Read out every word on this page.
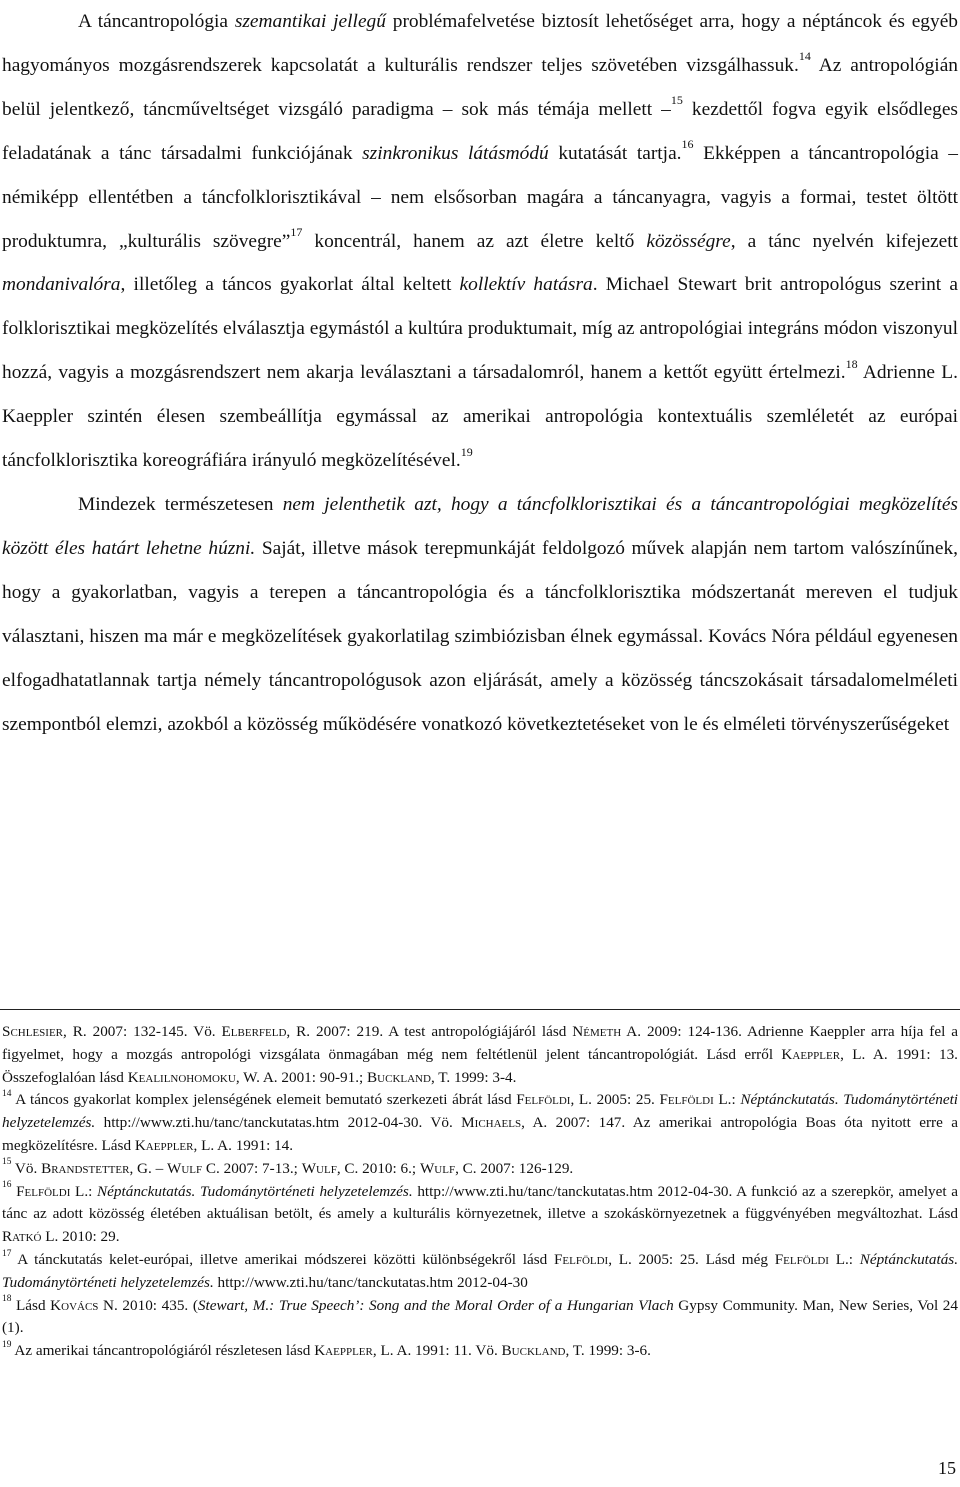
A táncantropológia szemantikai jellegű problémafelvetése biztosít lehetőséget arra, hogy a néptáncok és egyéb hagyományos mozgásrendszerek kapcsolatát a kulturális rendszer teljes szövetében vizsgálhassuk.$^{14}$ Az antropológián belül jelentkező, táncműveltséget vizsgáló paradigma – sok más témája mellett –$^{15}$ kezdettől fogva egyik elsődleges feladatának a tánc társadalmi funkciójának szinkronikus látásmódú kutatását tartja.$^{16}$ Ekképpen a táncantropológia – némiképp ellentétben a táncfolklorisztikával – nem elsősorban magára a táncanyagra, vagyis a formai, testet öltött produktumra, „kulturális szövegre”$^{17}$ koncentrál, hanem az azt életre keltő közösségre, a tánc nyelvén kifejezett mondanivalóra, illetőleg a táncos gyakorlat által keltett kollektív hatásra. Michael Stewart brit antropológus szerint a folklorisztikai megközelítés elválasztja egymástól a kultúra produktumait, míg az antropológiai integráns módon viszonyul hozzá, vagyis a mozgásrendszert nem akarja leválasztani a társadalomról, hanem a kettőt együtt értelmezi.$^{18}$ Adrienne L. Kaeppler szintén élesen szembeállítja egymással az amerikai antropológia kontextuális szemléletét az európai táncfolklorisztika koreográfiára irányuló megközelítésével.$^{19}$

Mindezek természetesen nem jelenthetik azt, hogy a táncfolklorisztikai és a táncantropológiai megközelítés között éles határt lehetne húzni. Saját, illetve mások terepmunkáját feldolgozó művek alapján nem tartom valószínűnek, hogy a gyakorlatban, vagyis a terepen a táncantropológia és a táncfolklorisztika módszertanát mereven el tudjuk választani, hiszen ma már e megközelítések gyakorlatilag szimbiózisban élnek egymással. Kovács Nóra például egyenesen elfogadhatatlannak tartja némely táncantropológusok azon eljárását, amely a közösség táncszokásait társadalomelméleti szempontból elemzi, azokból a közösség működésére vonatkozó következtetéseket von le és elméleti törvényszerűségeket

Schlesier, R. 2007: 132-145. Vö. Elberfeld, R. 2007: 219. A test antropológiájáról lásd Németh A. 2009: 124-136. Adrienne Kaeppler arra híja fel a figyelmet, hogy a mozgás antropológi vizsgálata önmagában még nem feltétlenül jelent táncantropológiát. Lásd erről Kaeppler, L. A. 1991: 13. Összefoglalóan lásd Kealilnohomoku, W. A. 2001: 90-91.; Buckland, T. 1999: 3-4.

$^{14}$ A táncos gyakorlat komplex jelenségének elemeit bemutató szerkezeti ábrát lásd Felföldi, L. 2005: 25. Felföldi L.: Néptánckutatás. Tudománytörténeti helyzetelemzés. http://www.zti.hu/tanc/tanckutatas.htm 2012-04-30. Vö. Michaels, A. 2007: 147. Az amerikai antropológia Boas óta nyitott erre a megközelítésre. Lásd Kaeppler, L. A. 1991: 14.

$^{15}$ Vö. Brandstetter, G. – Wulf C. 2007: 7-13.; Wulf, C. 2010: 6.; Wulf, C. 2007: 126-129.

$^{16}$ Felföldi L.: Néptánckutatás. Tudománytörténeti helyzetelemzés. http://www.zti.hu/tanc/tanckutatas.htm 2012-04-30. A funkció az a szerepkör, amelyet a tánc az adott közösség életében aktuálisan betölt, és amely a kulturális környezetnek, illetve a szokáskörnyezetnek a függvényében megváltozhat. Lásd Ratkó L. 2010: 29.

$^{17}$ A tánckutatás kelet-európai, illetve amerikai módszerei közötti különbségekről lásd Felföldi, L. 2005: 25. Lásd még Felföldi L.: Néptánckutatás. Tudománytörténeti helyzetelemzés. http://www.zti.hu/tanc/tanckutatas.htm 2012-04-30

$^{18}$ Lásd Kovács N. 2010: 435. (Stewart, M.: True Speech’: Song and the Moral Order of a Hungarian Vlach Gypsy Community. Man, New Series, Vol 24 (1).

$^{19}$ Az amerikai táncantropológiáról részletesen lásd Kaeppler, L. A. 1991: 11. Vö. Buckland, T. 1999: 3-6.

15
